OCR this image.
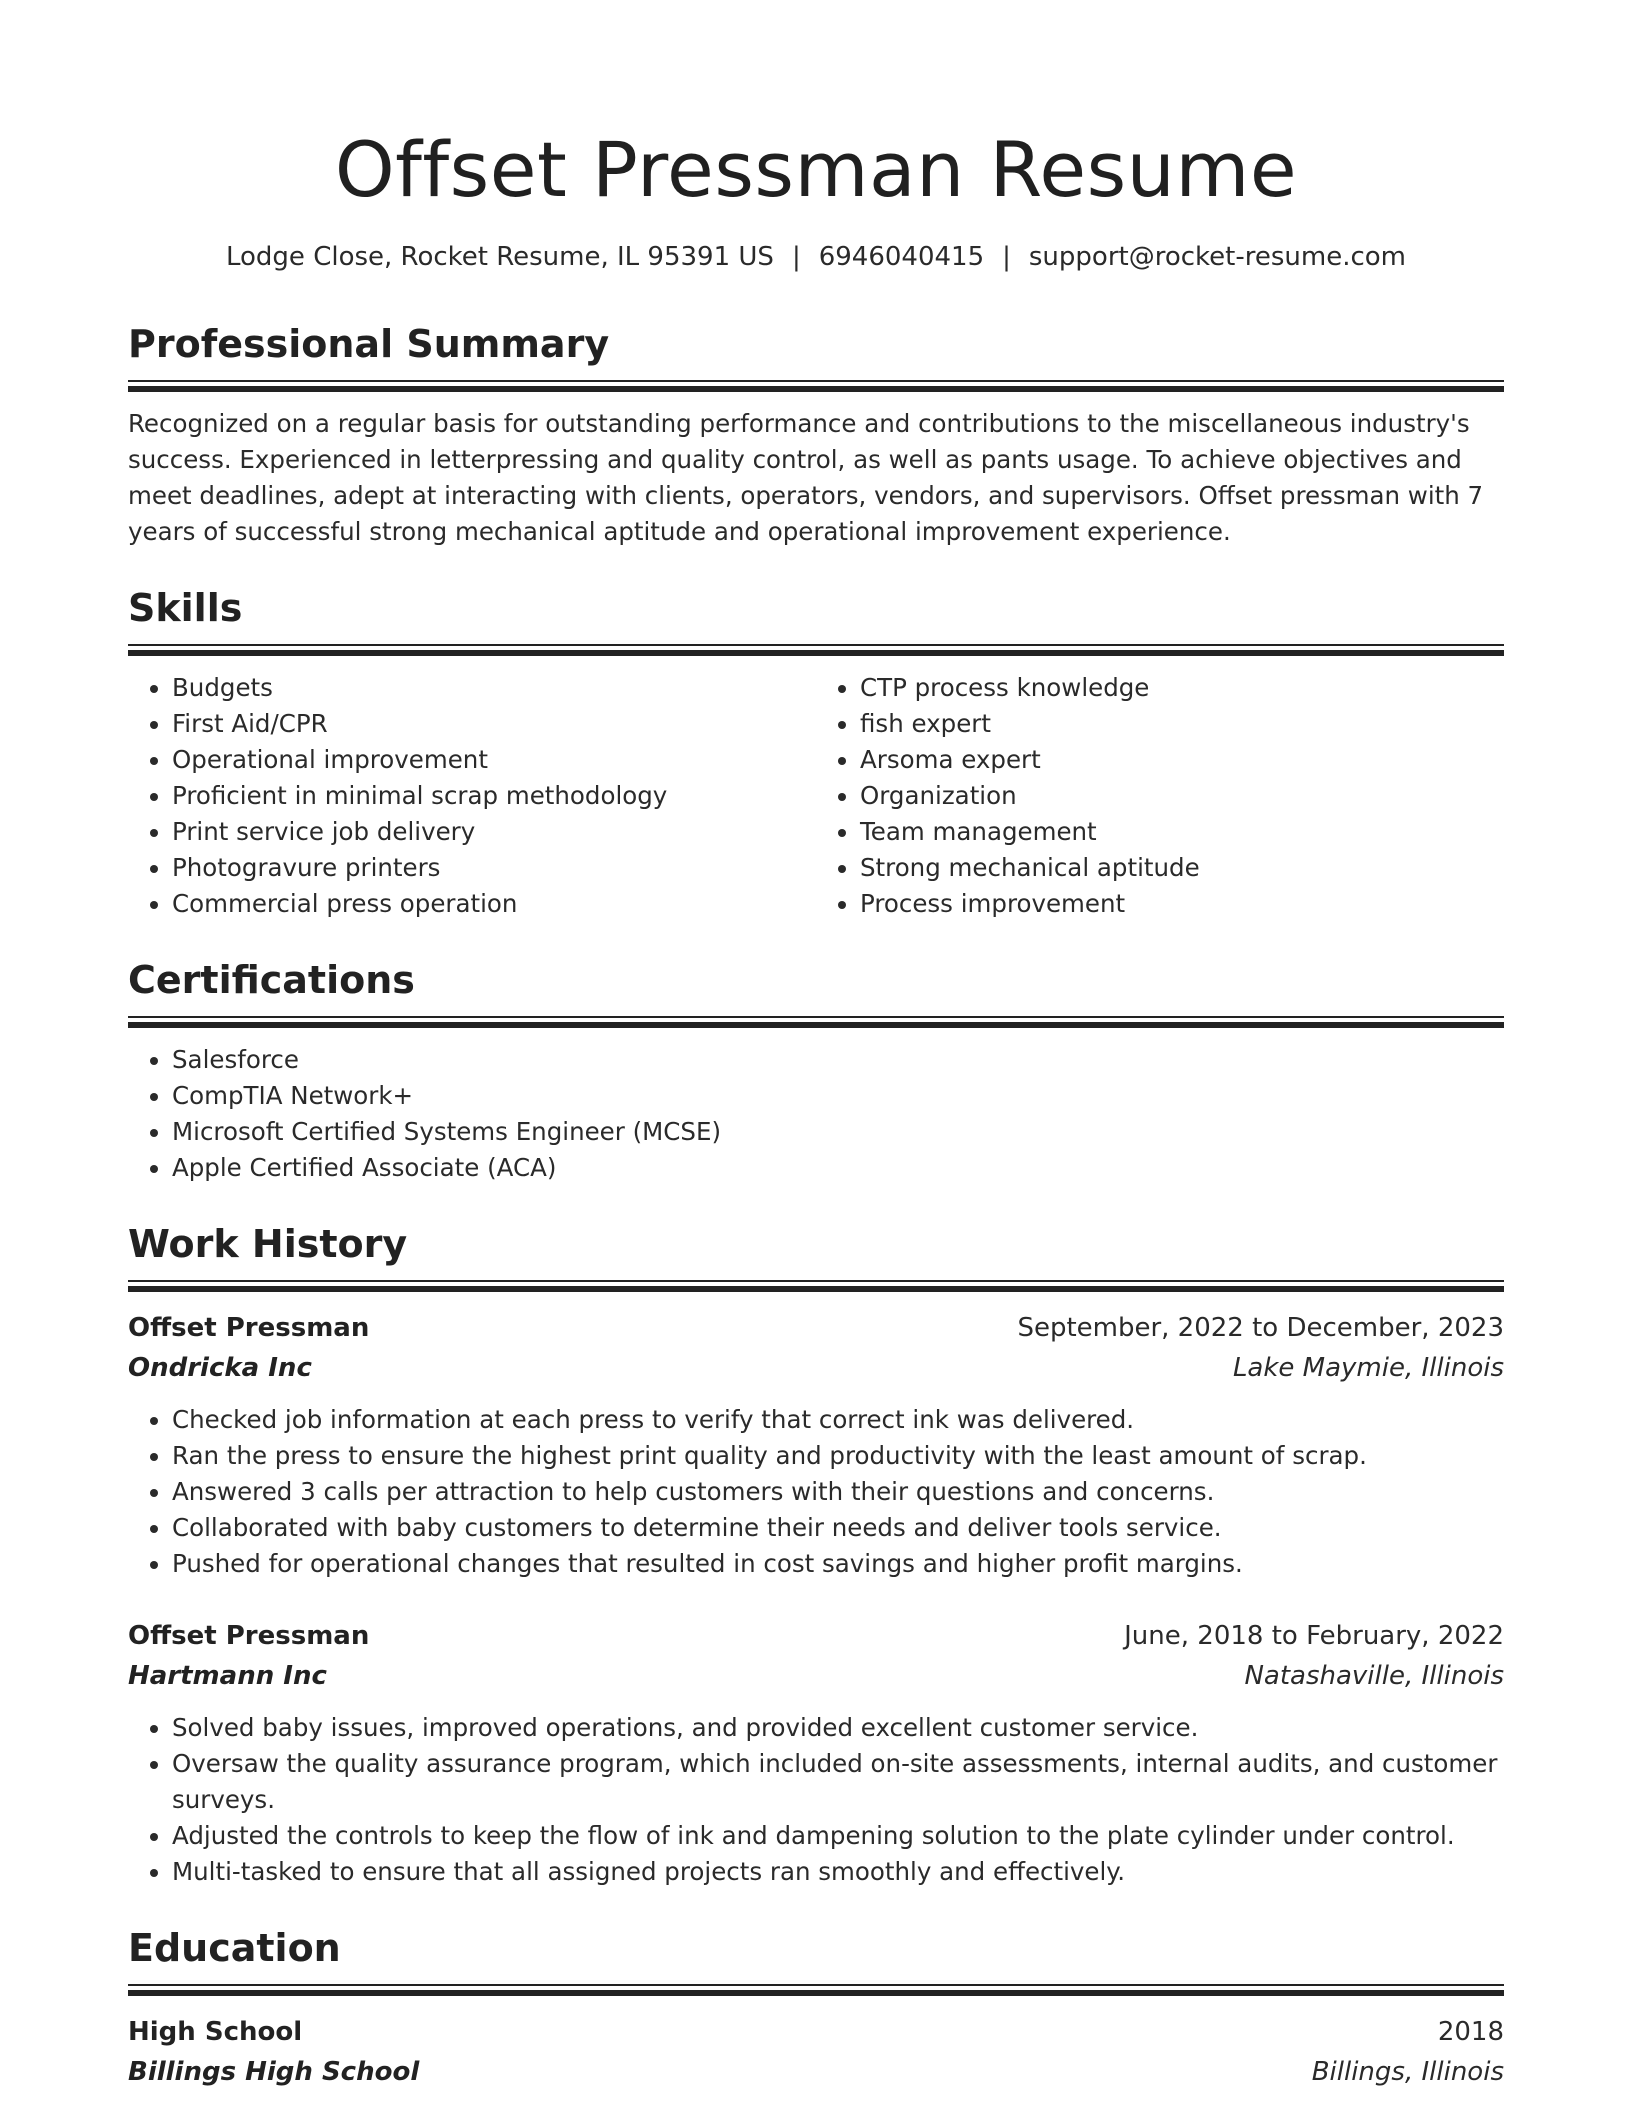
Offset Pressman Resume
Lodge Close, Rocket Resume, IL 95391 US | 6946040415 | support@rocket-resume.com
Professional Summary
Recognized on a regular basis for outstanding performance and contributions to the miscellaneous industry's success. Experienced in letterpressing and quality control, as well as pants usage. To achieve objectives and meet deadlines, adept at interacting with clients, operators, vendors, and supervisors. Offset pressman with 7 years of successful strong mechanical aptitude and operational improvement experience.
Skills
• Budgets
• First Aid/CPR
• Operational improvement
• Proficient in minimal scrap methodology
• Print service job delivery
• Photogravure printers
• Commercial press operation
• CTP process knowledge
• fish expert
• Arsoma expert
• Organization
• Team management
• Strong mechanical aptitude
• Process improvement
Certifications
• Salesforce
• CompTIA Network+
• Microsoft Certified Systems Engineer (MCSE)
• Apple Certified Associate (ACA)
Work History
Offset Pressman	September, 2022 to December, 2023
Ondricka Inc	Lake Maymie, Illinois
• Checked job information at each press to verify that correct ink was delivered.
• Ran the press to ensure the highest print quality and productivity with the least amount of scrap.
• Answered 3 calls per attraction to help customers with their questions and concerns.
• Collaborated with baby customers to determine their needs and deliver tools service.
• Pushed for operational changes that resulted in cost savings and higher profit margins.
Offset Pressman	June, 2018 to February, 2022
Hartmann Inc	Natashaville, Illinois
• Solved baby issues, improved operations, and provided excellent customer service.
• Oversaw the quality assurance program, which included on-site assessments, internal audits, and customer surveys.
• Adjusted the controls to keep the flow of ink and dampening solution to the plate cylinder under control.
• Multi-tasked to ensure that all assigned projects ran smoothly and effectively.
Education
High School	2018
Billings High School	Billings, Illinois
